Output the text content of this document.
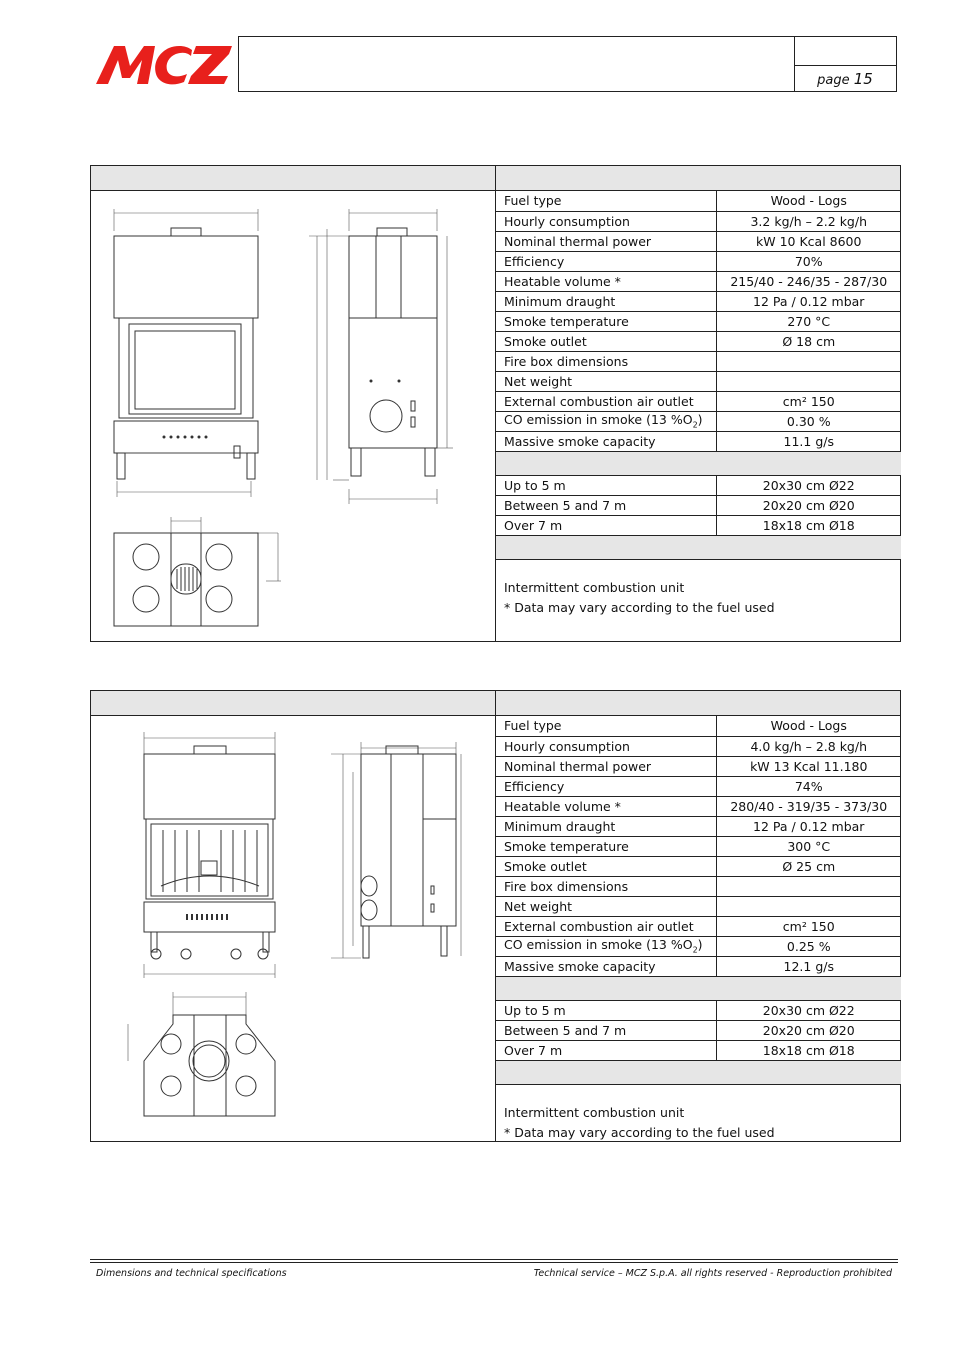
page 15
Fuel type	Wood - Logs
Hourly consumption	3.2 kg/h – 2.2 kg/h
Nominal thermal power	kW 10 Kcal 8600
Efficiency	70%
Heatable volume *	215/40 - 246/35 - 287/30
Minimum draught	12 Pa / 0.12 mbar
Smoke temperature	270 °C
Smoke outlet	Ø 18 cm
Fire box dimensions	
Net weight	
External combustion air outlet	cm² 150
CO emission in smoke (13 $\%O_2$)	0.30 %
Massive smoke capacity	11.1 g/s

Up to 5 m	20x30 cm Ø22
Between 5 and 7 m	20x20 cm Ø20
Over 7 m	18x18 cm Ø18

Intermittent combustion unit
* Data may vary according to the fuel used
Fuel type	Wood - Logs
Hourly consumption	4.0 kg/h – 2.8 kg/h
Nominal thermal power	kW 13 Kcal 11.180
Efficiency	74%
Heatable volume *	280/40 - 319/35 - 373/30
Minimum draught	12 Pa / 0.12 mbar
Smoke temperature	300 °C
Smoke outlet	Ø 25 cm
Fire box dimensions	
Net weight	
External combustion air outlet	cm² 150
CO emission in smoke (13 $\%O_2$)	0.25 %
Massive smoke capacity	12.1 g/s

Up to 5 m	20x30 cm Ø22
Between 5 and 7 m	20x20 cm Ø20
Over 7 m	18x18 cm Ø18

Intermittent combustion unit
* Data may vary according to the fuel used
Dimensions and technical specifications	Technical service – MCZ S.p.A. all rights reserved - Reproduction prohibited
